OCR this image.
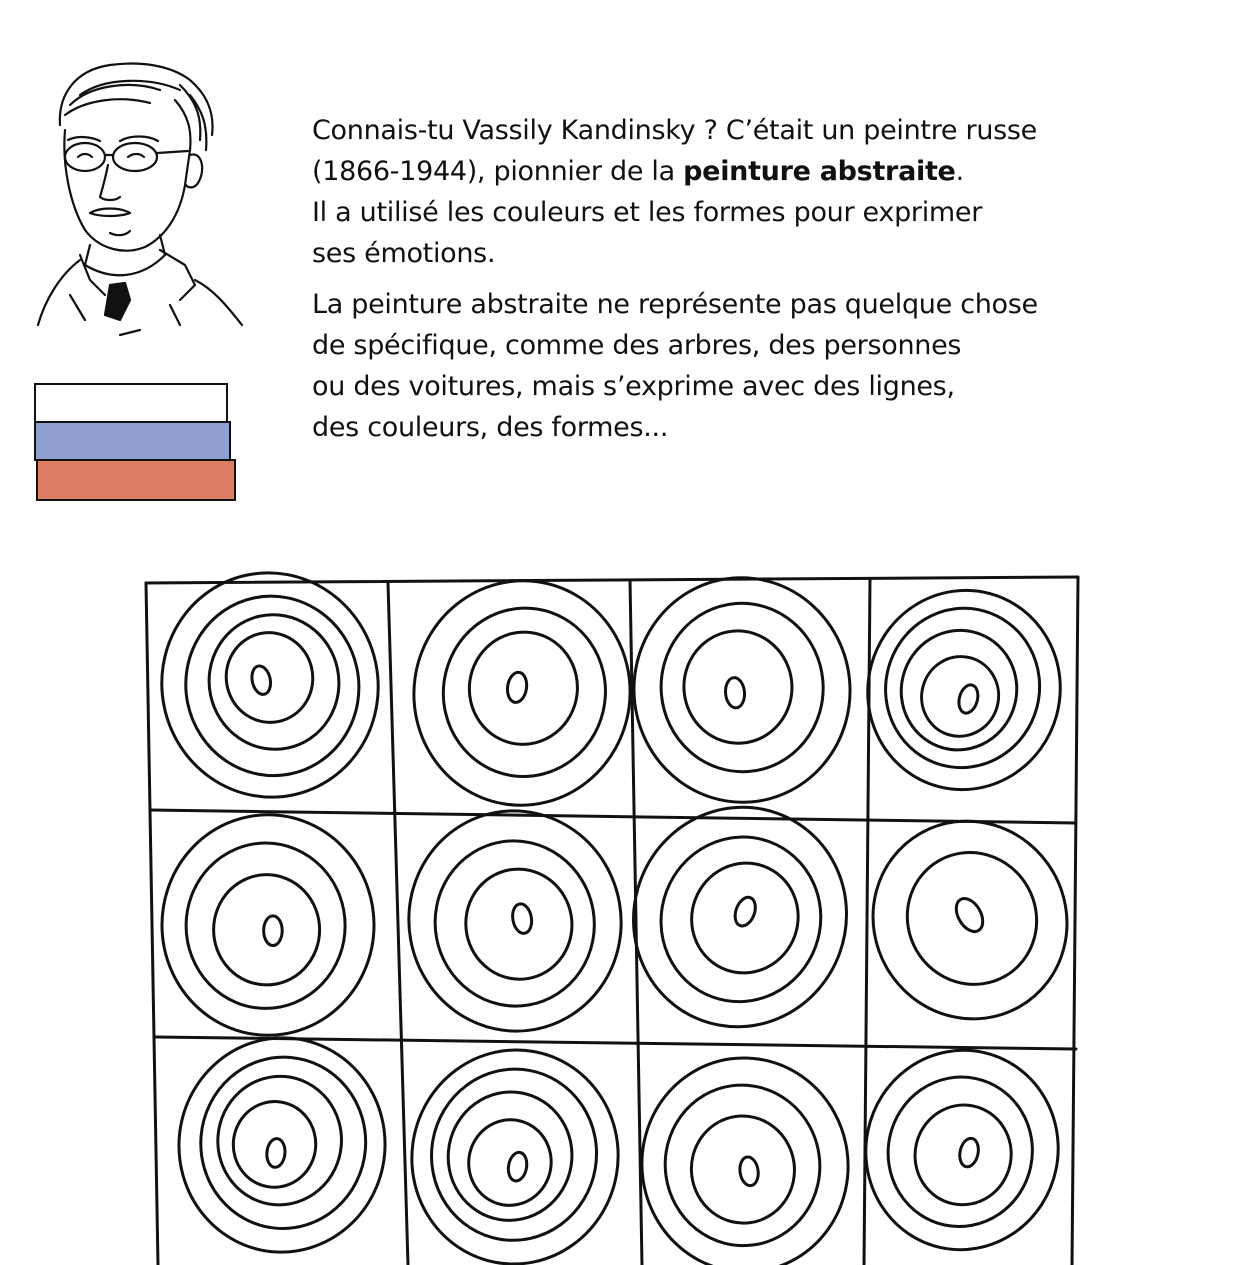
Connais-tu Vassily Kandinsky ? C’était un peintre russe
(1866-1944), pionnier de la peinture abstraite.
Il a utilisé les couleurs et les formes pour exprimer
ses émotions.

La peinture abstraite ne représente pas quelque chose
de spécifique, comme des arbres, des personnes
ou des voitures, mais s’exprime avec des lignes,
des couleurs, des formes...
